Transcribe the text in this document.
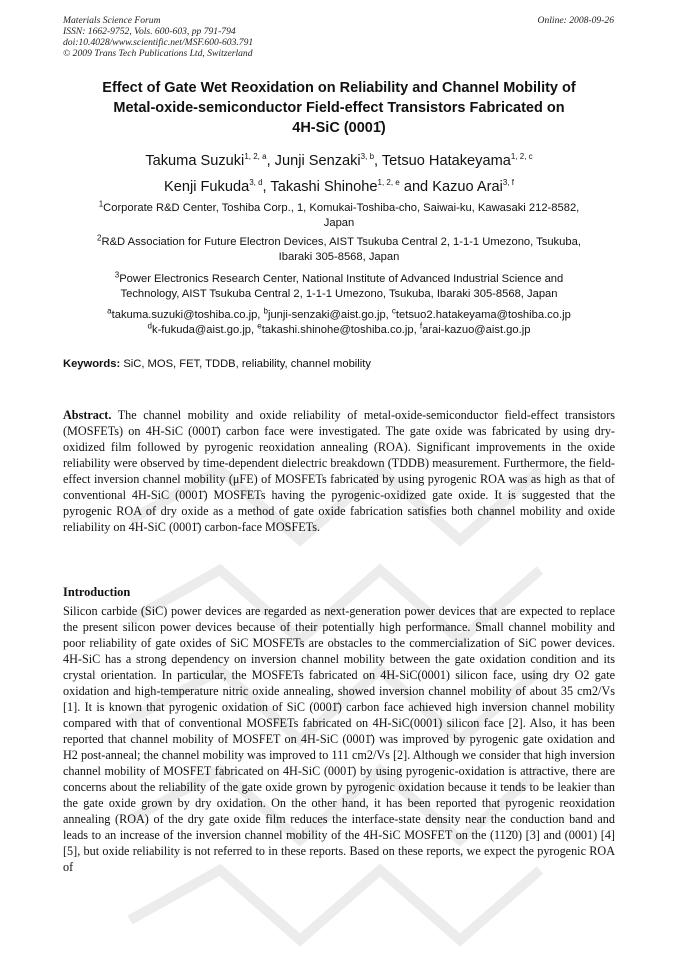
Materials Science Forum
ISSN: 1662-9752, Vols. 600-603, pp 791-794
doi:10.4028/www.scientific.net/MSF.600-603.791
© 2009 Trans Tech Publications Ltd, Switzerland
Online: 2008-09-26
Effect of Gate Wet Reoxidation on Reliability and Channel Mobility of
Metal-oxide-semiconductor Field-effect Transistors Fabricated on
4H-SiC (0001̄)
Takuma Suzuki$^{1, 2, a}$, Junji Senzaki$^{3, b}$, Tetsuo Hatakeyama$^{1, 2, c}$
Kenji Fukuda$^{3, d}$, Takashi Shinohe$^{1, 2, e}$ and Kazuo Arai$^{3, f}$
$^1$Corporate R&D Center, Toshiba Corp., 1, Komukai-Toshiba-cho, Saiwai-ku, Kawasaki 212-8582,
Japan
$^2$R&D Association for Future Electron Devices, AIST Tsukuba Central 2, 1-1-1 Umezono, Tsukuba,
Ibaraki 305-8568, Japan
$^3$Power Electronics Research Center, National Institute of Advanced Industrial Science and
Technology, AIST Tsukuba Central 2, 1-1-1 Umezono, Tsukuba, Ibaraki 305-8568, Japan
$^a$takuma.suzuki@toshiba.co.jp, $^b$junji-senzaki@aist.go.jp, $^c$tetsuo2.hatakeyama@toshiba.co.jp
$^d$k-fukuda@aist.go.jp, $^e$takashi.shinohe@toshiba.co.jp, $^f$arai-kazuo@aist.go.jp
Keywords: SiC, MOS, FET, TDDB, reliability, channel mobility
Abstract. The channel mobility and oxide reliability of metal-oxide-semiconductor field-effect transistors (MOSFETs) on 4H-SiC (0001̄) carbon face were investigated. The gate oxide was fabricated by using dry-oxidized film followed by pyrogenic reoxidation annealing (ROA). Significant improvements in the oxide reliability were observed by time-dependent dielectric breakdown (TDDB) measurement. Furthermore, the field-effect inversion channel mobility (μFE) of MOSFETs fabricated by using pyrogenic ROA was as high as that of conventional 4H-SiC (0001̄) MOSFETs having the pyrogenic-oxidized gate oxide. It is suggested that the pyrogenic ROA of dry oxide as a method of gate oxide fabrication satisfies both channel mobility and oxide reliability on 4H-SiC (0001̄) carbon-face MOSFETs.
Introduction
Silicon carbide (SiC) power devices are regarded as next-generation power devices that are expected to replace the present silicon power devices because of their potentially high performance. Small channel mobility and poor reliability of gate oxides of SiC MOSFETs are obstacles to the commercialization of SiC power devices. 4H-SiC has a strong dependency on inversion channel mobility between the gate oxidation condition and its crystal orientation. In particular, the MOSFETs fabricated on 4H-SiC(0001) silicon face, using dry O2 gate oxidation and high-temperature nitric oxide annealing, showed inversion channel mobility of about 35 cm2/Vs [1]. It is known that pyrogenic oxidation of SiC (0001̄) carbon face achieved high inversion channel mobility compared with that of conventional MOSFETs fabricated on 4H-SiC(0001) silicon face [2]. Also, it has been reported that channel mobility of MOSFET on 4H-SiC (0001̄) was improved by pyrogenic gate oxidation and H2 post-anneal; the channel mobility was improved to 111 cm2/Vs [2]. Although we consider that high inversion channel mobility of MOSFET fabricated on 4H-SiC (0001̄) by using pyrogenic-oxidation is attractive, there are concerns about the reliability of the gate oxide grown by pyrogenic oxidation because it tends to be leakier than the gate oxide grown by dry oxidation. On the other hand, it has been reported that pyrogenic reoxidation annealing (ROA) of the dry gate oxide film reduces the interface-state density near the conduction band and leads to an increase of the inversion channel mobility of the 4H-SiC MOSFET on the (112̄0) [3] and (0001) [4][5], but oxide reliability is not referred to in these reports. Based on these reports, we expect the pyrogenic ROA of
